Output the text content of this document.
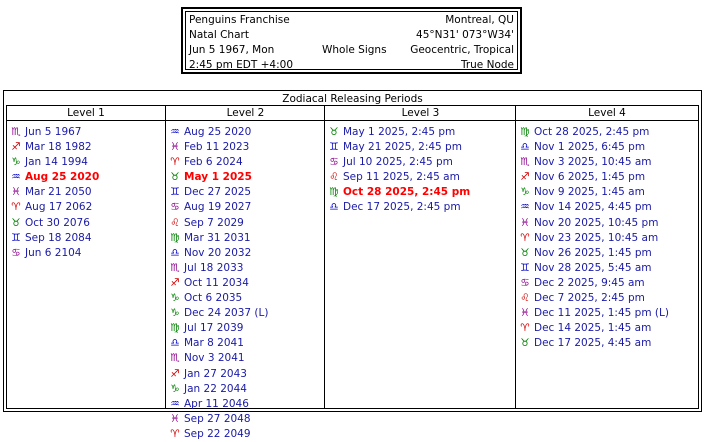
Penguins Franchise	Montreal, QU
Natal Chart	45°N31' 073°W34'
Jun 5 1967, Mon	Whole Signs Geocentric, Tropical
2:45 pm EDT +4:00	True Node
Zodiacal Releasing Periods
Level 1
♏ Jun 5 1967
♐ Mar 18 1982
♑ Jan 14 1994
♒ Aug 25 2020
♓ Mar 21 2050
♈ Aug 17 2062
♉ Oct 30 2076
♊ Sep 18 2084
♋ Jun 6 2104
Level 2
♒ Aug 25 2020
♓ Feb 11 2023
♈ Feb 6 2024
♉ May 1 2025
♊ Dec 27 2025
♋ Aug 19 2027
♌ Sep 7 2029
♍ Mar 31 2031
♎ Nov 20 2032
♏ Jul 18 2033
♐ Oct 11 2034
♑ Oct 6 2035
♑ Dec 24 2037 (L)
♍ Jul 17 2039
♎ Mar 8 2041
♏ Nov 3 2041
♐ Jan 27 2043
♑ Jan 22 2044
♒ Apr 11 2046
♓ Sep 27 2048
♈ Sep 22 2049
Level 3
♉ May 1 2025, 2:45 pm
♊ May 21 2025, 2:45 pm
♋ Jul 10 2025, 2:45 pm
♌ Sep 11 2025, 2:45 am
♍ Oct 28 2025, 2:45 pm
♎ Dec 17 2025, 2:45 pm
Level 4
♍ Oct 28 2025, 2:45 pm
♎ Nov 1 2025, 6:45 pm
♏ Nov 3 2025, 10:45 am
♐ Nov 6 2025, 1:45 pm
♑ Nov 9 2025, 1:45 am
♒ Nov 14 2025, 4:45 pm
♓ Nov 20 2025, 10:45 pm
♈ Nov 23 2025, 10:45 am
♉ Nov 26 2025, 1:45 pm
♊ Nov 28 2025, 5:45 am
♋ Dec 2 2025, 9:45 am
♌ Dec 7 2025, 2:45 pm
♓ Dec 11 2025, 1:45 pm (L)
♈ Dec 14 2025, 1:45 am
♉ Dec 17 2025, 4:45 am
